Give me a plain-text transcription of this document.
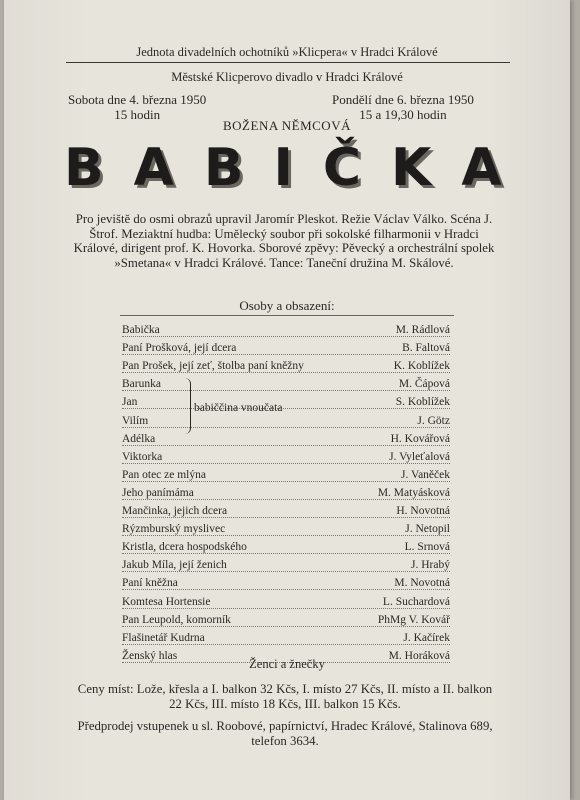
Jednota divadelních ochotníků »Klicpera« v Hradci Králové
Městské Klicperovo divadlo v Hradci Králové
Sobota dne 4. března 1950
15 hodin
Pondělí dne 6. března 1950
15 a 19,30 hodin
BOŽENA NĚMCOVÁ
BABIČKA
Pro jeviště do osmi obrazů upravil Jaromír Pleskot. Režie Václav Válko. Scéna J. Štrof. Meziaktní hudba: Umělecký soubor při sokolské filharmonii v Hradci Králové, dirigent prof. K. Hovorka. Sborové zpěvy: Pěvecký a orchestrální spolek »Smetana« v Hradci Králové. Tance: Taneční družina M. Skálové.
Osoby a obsazení:
Babička	M. Rádlová
Paní Prošková, její dcera	B. Faltová
Pan Prošek, její zeť, štolba paní kněžny	K. Koblížek
Barunka	M. Čápová
Jan	S. Koblížek
Vilím	J. Götz
Adélka	H. Kovářová
Viktorka	J. Vyleťalová
Pan otec ze mlýna	J. Vaněček
Jeho panímáma	M. Matyásková
Mančinka, jejich dcera	H. Novotná
Rýzmburský myslivec	J. Netopil
Kristla, dcera hospodského	L. Srnová
Jakub Míla, její ženich	J. Hrabý
Paní kněžna	M. Novotná
Komtesa Hortensie	L. Suchardová
Pan Leupold, komorník	PhMg V. Kovář
Flašinetář Kudrna	J. Kačírek
Ženský hlas	M. Horáková
babiččina vnoučata
Ženci a žnečky
Ceny míst: Lože, křesla a I. balkon 32 Kčs, I. místo 27 Kčs, II. místo a II. balkon 22 Kčs, III. místo 18 Kčs, III. balkon 15 Kčs.
Předprodej vstupenek u sl. Roobové, papírnictví, Hradec Králové, Stalinova 689, telefon 3634.
